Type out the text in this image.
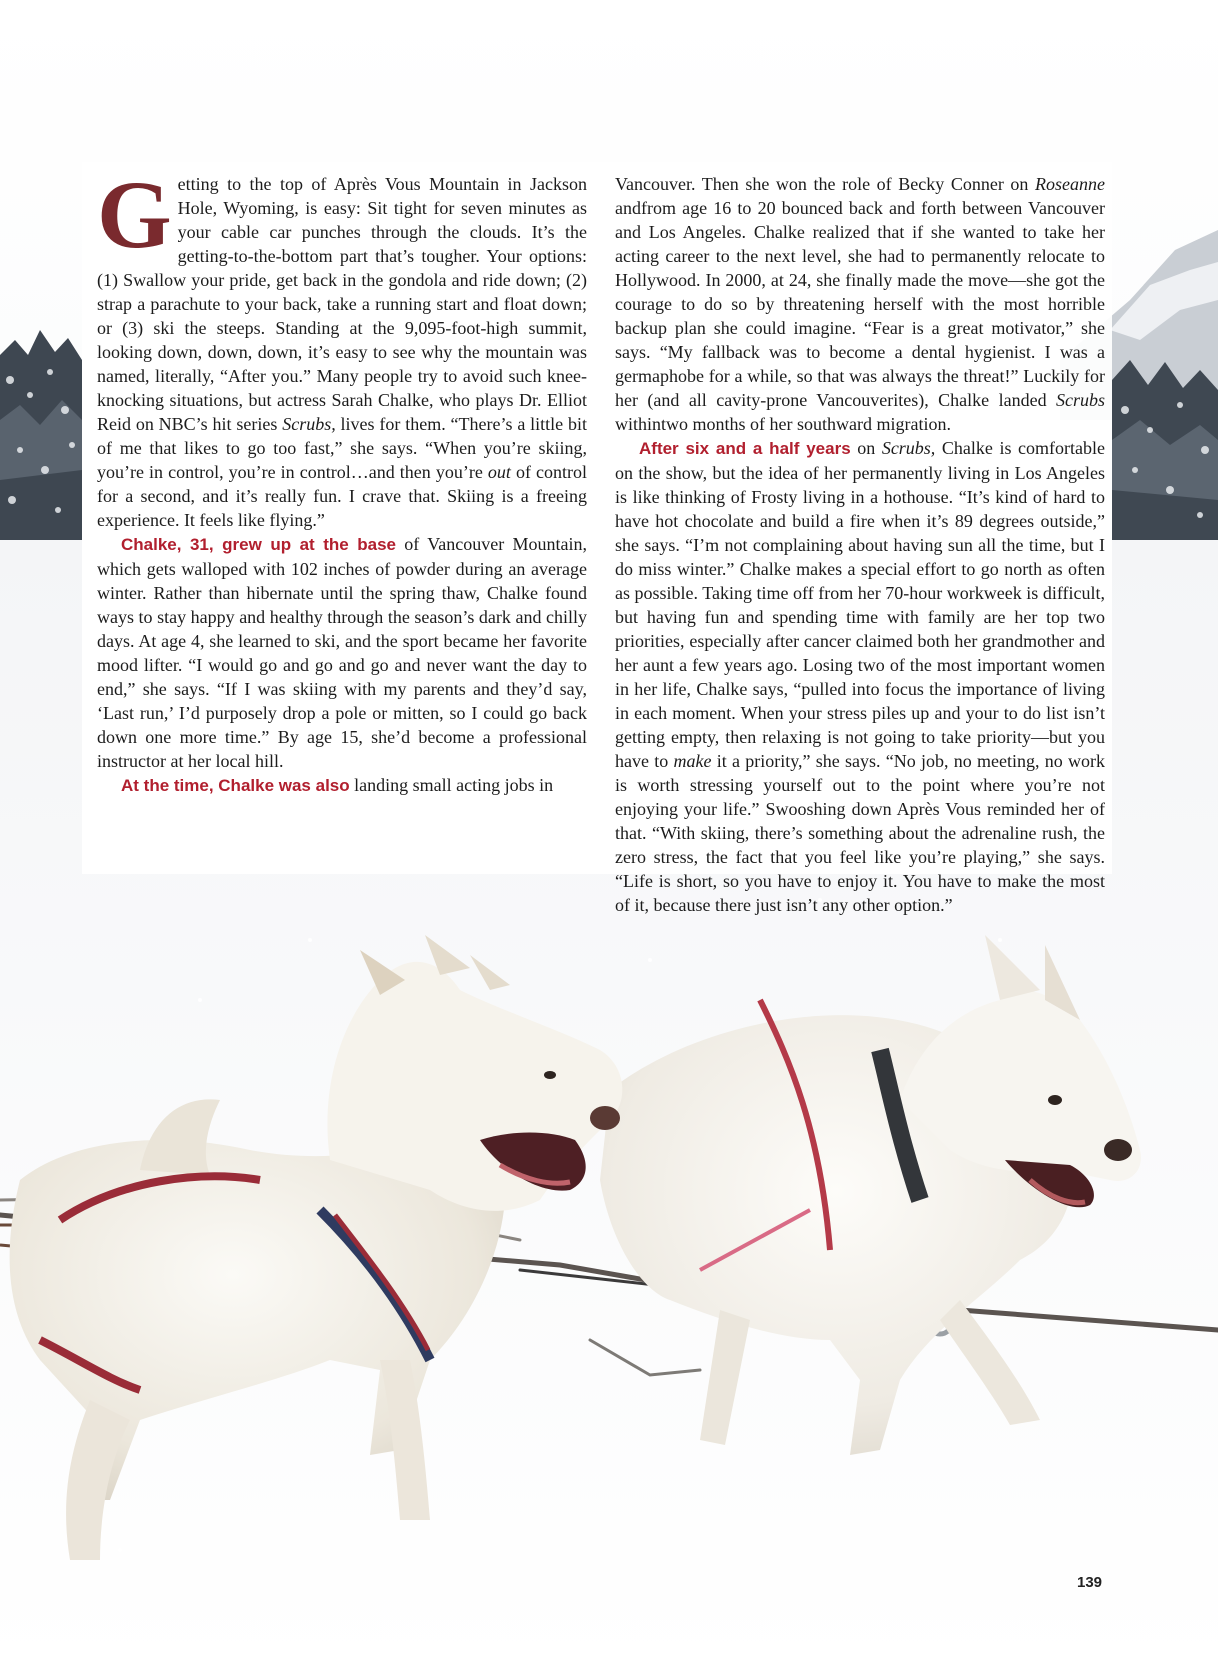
Getting to the top of Après Vous Mountain in Jackson Hole, Wyoming, is easy: Sit tight for seven minutes as your cable car punches through the clouds. It’s the getting-to-the-bottom part that’s tougher. Your options: (1) Swallow your pride, get back in the gondola and ride down; (2) strap a parachute to your back, take a running start and float down; or (3) ski the steeps. Standing at the 9,095-foot-high summit, looking down, down, down, it’s easy to see why the mountain was named, literally, “After you.” Many people try to avoid such knee-knocking situations, but actress Sarah Chalke, who plays Dr. Elliot Reid on NBC’s hit series Scrubs, lives for them. “There’s a little bit of me that likes to go too fast,” she says. “When you’re skiing, you’re in control, you’re in control…and then you’re out of control for a second, and it’s really fun. I crave that. Skiing is a freeing experience. It feels like flying.”

Chalke, 31, grew up at the base of Vancouver Mountain, which gets walloped with 102 inches of powder during an average winter. Rather than hibernate until the spring thaw, Chalke found ways to stay happy and healthy through the season’s dark and chilly days. At age 4, she learned to ski, and the sport became her favorite mood lifter. “I would go and go and go and never want the day to end,” she says. “If I was skiing with my parents and they’d say, ‘Last run,’ I’d purposely drop a pole or mitten, so I could go back down one more time.” By age 15, she’d become a professional instructor at her local hill.

At the time, Chalke was also landing small acting jobs in

Vancouver. Then she won the role of Becky Conner on Roseanne andfrom age 16 to 20 bounced back and forth between Vancouver and Los Angeles. Chalke realized that if she wanted to take her acting career to the next level, she had to permanently relocate to Hollywood. In 2000, at 24, she finally made the move—she got the courage to do so by threatening herself with the most horrible backup plan she could imagine. “Fear is a great motivator,” she says. “My fallback was to become a dental hygienist. I was a germaphobe for a while, so that was always the threat!” Luckily for her (and all cavity-prone Vancouverites), Chalke landed Scrubs withintwo months of her southward migration.

After six and a half years on Scrubs, Chalke is comfortable on the show, but the idea of her permanently living in Los Angeles is like thinking of Frosty living in a hothouse. “It’s kind of hard to have hot chocolate and build a fire when it’s 89 degrees outside,” she says. “I’m not complaining about having sun all the time, but I do miss winter.” Chalke makes a special effort to go north as often as possible. Taking time off from her 70-hour workweek is difficult, but having fun and spending time with family are her top two priorities, especially after cancer claimed both her grandmother and her aunt a few years ago. Losing two of the most important women in her life, Chalke says, “pulled into focus the importance of living in each moment. When your stress piles up and your to do list isn’t getting empty, then relaxing is not going to take priority—but you have to make it a priority,” she says. “No job, no meeting, no work is worth stressing yourself out to the point where you’re not enjoying your life.” Swooshing down Après Vous reminded her of that. “With skiing, there’s something about the adrenaline rush, the zero stress, the fact that you feel like you’re playing,” she says. “Life is short, so you have to enjoy it. You have to make the most of it, because there just isn’t any other option.”

139
